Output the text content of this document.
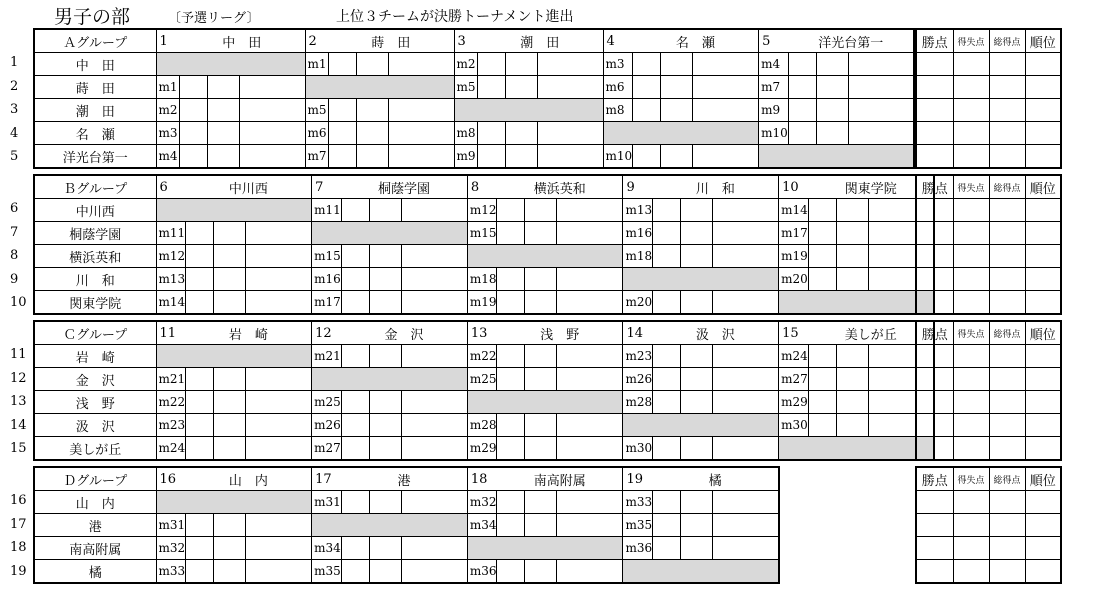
男子の部	〔予選リーグ〕	上位３チームが決勝トーナメント進出
1
2
3
4
5
Ａグループ	1	中　田			2	蒔　田			3	潮　田			4	名　瀬			5	洋光台第一		
中　田					m1				m2				m3				m4			
蒔　田	m1								m5				m6				m7			
潮　田	m2				m5								m8				m9			
名　瀬	m3				m6				m8								m10			
洋光台第一	m4				m7				m9				m10							
勝点	得失点	総得点	順位

6
7
8
9
10
Ｂグループ	6	中川西			7	桐蔭学園			8	横浜英和			9	川　和			10	関東学院		
中川西					m11				m12				m13				m14			
桐蔭学園	m11								m15				m16				m17			
横浜英和	m12				m15								m18				m19			
川　和	m13				m16				m18								m20			
関東学院	m14				m17				m19				m20							
勝点	得失点	総得点	順位

11
12
13
14
15
Ｃグループ	11	岩　崎			12	金　沢			13	浅　野			14	汲　沢			15	美しが丘		
岩　崎					m21				m22				m23				m24			
金　沢	m21								m25				m26				m27			
浅　野	m22				m25								m28				m29			
汲　沢	m23				m26				m28								m30			
美しが丘	m24				m27				m29				m30							
勝点	得失点	総得点	順位

16
17
18
19
Ｄグループ	16	山　内			17	港			18	南高附属			19	橘		
山　内					m31				m32				m33			
港	m31								m34				m35			
南高附属	m32				m34								m36			
橘	m33				m35				m36							
勝点	得失点	総得点	順位
